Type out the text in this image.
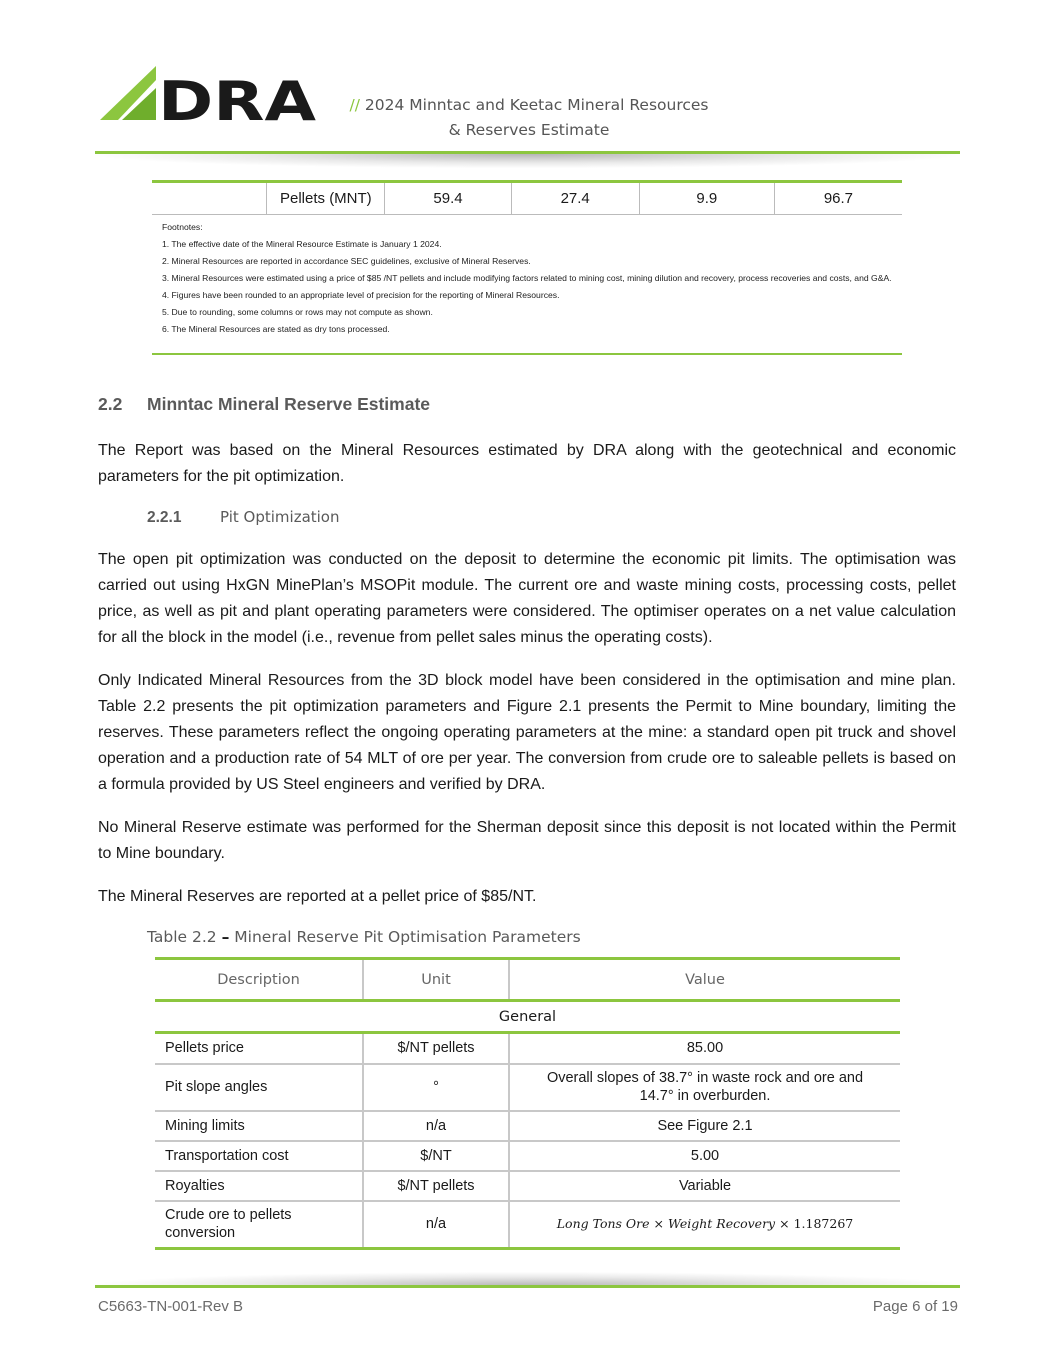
DRA	// 2024 Minntac and Keetac Mineral Resources
& Reserves Estimate
Pellets (MNT)	59.4	27.4	9.9	96.7
Footnotes:
1. The effective date of the Mineral Resource Estimate is January 1 2024.
2. Mineral Resources are reported in accordance SEC guidelines, exclusive of Mineral Reserves.
3. Mineral Resources were estimated using a price of $85 /NT pellets and include modifying factors related to mining cost, mining dilution and recovery, process recoveries and costs, and G&A.
4. Figures have been rounded to an appropriate level of precision for the reporting of Mineral Resources.
5. Due to rounding, some columns or rows may not compute as shown.
6. The Mineral Resources are stated as dry tons processed.
2.2 Minntac Mineral Reserve Estimate
The Report was based on the Mineral Resources estimated by DRA along with the geotechnical and economic parameters for the pit optimization.
2.2.1	Pit Optimization
The open pit optimization was conducted on the deposit to determine the economic pit limits. The optimisation was carried out using HxGN MinePlan’s MSOPit module. The current ore and waste mining costs, processing costs, pellet price, as well as pit and plant operating parameters were considered. The optimiser operates on a net value calculation for all the block in the model (i.e., revenue from pellet sales minus the operating costs).
Only Indicated Mineral Resources from the 3D block model have been considered in the optimisation and mine plan. Table 2.2 presents the pit optimization parameters and Figure 2.1 presents the Permit to Mine boundary, limiting the reserves. These parameters reflect the ongoing operating parameters at the mine: a standard open pit truck and shovel operation and a production rate of 54 MLT of ore per year. The conversion from crude ore to saleable pellets is based on a formula provided by US Steel engineers and verified by DRA.
No Mineral Reserve estimate was performed for the Sherman deposit since this deposit is not located within the Permit to Mine boundary.
The Mineral Reserves are reported at a pellet price of $85/NT.
Table 2.2 – Mineral Reserve Pit Optimisation Parameters
Description	Unit	Value
General		
Pellets price	$/NT pellets	85.00
Pit slope angles	°	Overall slopes of 38.7° in waste rock and ore and 14.7° in overburden.
Mining limits	n/a	See Figure 2.1
Transportation cost	$/NT	5.00
Royalties	$/NT pellets	Variable
Crude ore to pellets conversion	n/a	Long Tons Ore × Weight Recovery × 1.187267
C5663-TN-001-Rev B	Page 6 of 19
